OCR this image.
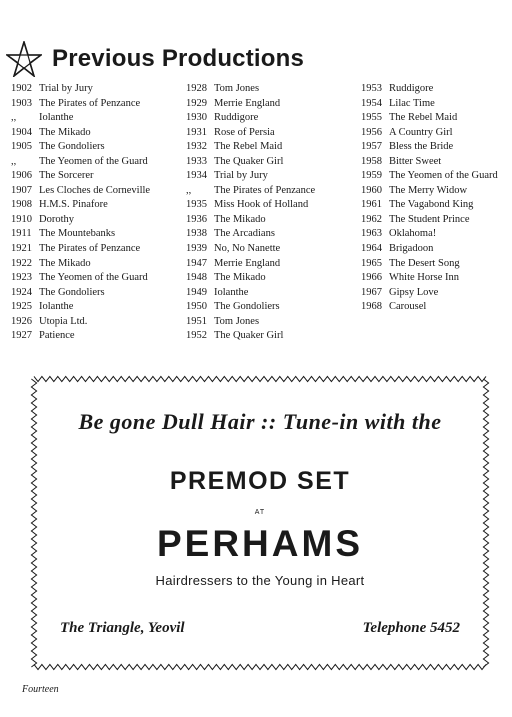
Previous Productions
1902 Trial by Jury
1903 The Pirates of Penzance
,,	Iolanthe
1904 The Mikado
1905 The Gondoliers
,,	The Yeomen of the Guard
1906 The Sorcerer
1907 Les Cloches de Corneville
1908 H.M.S. Pinafore
1910 Dorothy
1911 The Mountebanks
1921 The Pirates of Penzance
1922 The Mikado
1923 The Yeomen of the Guard
1924 The Gondoliers
1925 Iolanthe
1926 Utopia Ltd.
1927 Patience
1928 Tom Jones
1929 Merrie England
1930 Ruddigore
1931 Rose of Persia
1932 The Rebel Maid
1933 The Quaker Girl
1934 Trial by Jury
,,	The Pirates of Penzance
1935 Miss Hook of Holland
1936 The Mikado
1938 The Arcadians
1939 No, No Nanette
1947 Merrie England
1948 The Mikado
1949 Iolanthe
1950 The Gondoliers
1951 Tom Jones
1952 The Quaker Girl
1953 Ruddigore
1954 Lilac Time
1955 The Rebel Maid
1956 A Country Girl
1957 Bless the Bride
1958 Bitter Sweet
1959 The Yeomen of the Guard
1960 The Merry Widow
1961 The Vagabond King
1962 The Student Prince
1963 Oklahoma!
1964 Brigadoon
1965 The Desert Song
1966 White Horse Inn
1967 Gipsy Love
1968 Carousel
Be gone Dull Hair :: Tune-in with the
PREMOD SET
AT
PERHAMS
Hairdressers to the Young in Heart
The Triangle, Yeovil	Telephone 5452
Fourteen
